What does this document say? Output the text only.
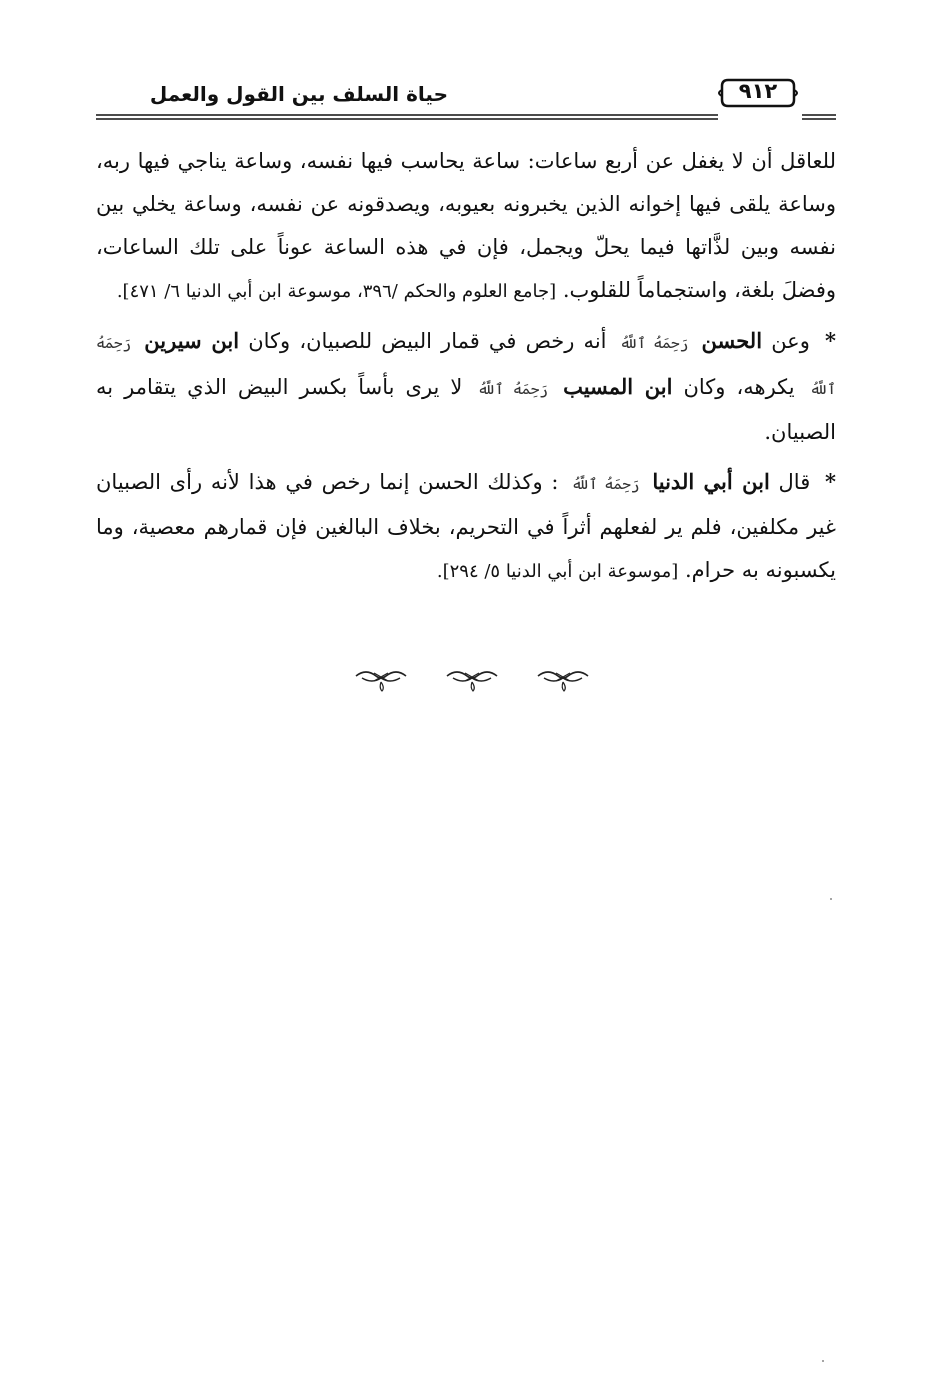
حياة السلف بين القول والعمل	٩١٢

للعاقل أن لا يغفل عن أربع ساعات: ساعة يحاسب فيها نفسه، وساعة يناجي فيها ربه، وساعة يلقى فيها إخوانه الذين يخبرونه بعيوبه، ويصدقونه عن نفسه، وساعة يخلي بين نفسه وبين لذَّاتها فيما يحلّ ويجمل، فإن في هذه الساعة عوناً على تلك الساعات، وفضلَ بلغة، واستجماماً للقلوب. [جامع العلوم والحكم /٣٩٦، موسوعة ابن أبي الدنيا ٦/ ٤٧١].

* وعن الحسن رَحِمَهُ ٱللَّهُ أنه رخص في قمار البيض للصبيان، وكان ابن سيرين رَحِمَهُ ٱللَّهُ يكرهه، وكان ابن المسيب رَحِمَهُ ٱللَّهُ لا يرى بأساً بكسر البيض الذي يتقامر به الصبيان.

* قال ابن أبي الدنيا رَحِمَهُ ٱللَّهُ : وكذلك الحسن إنما رخص في هذا لأنه رأى الصبيان غير مكلفين، فلم ير لفعلهم أثراً في التحريم، بخلاف البالغين فإن قمارهم معصية، وما يكسبونه به حرام. [موسوعة ابن أبي الدنيا ٥/ ٢٩٤].
